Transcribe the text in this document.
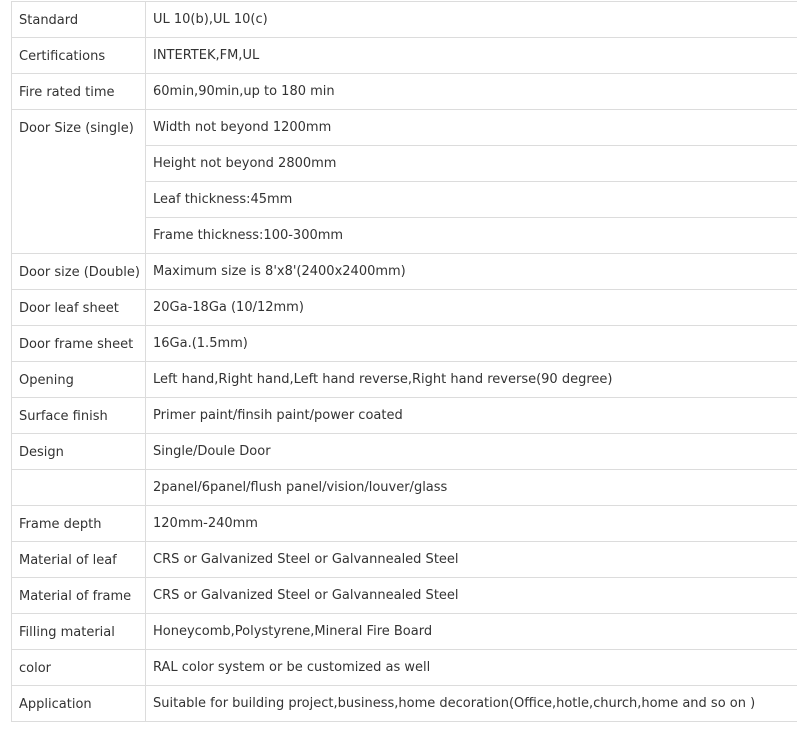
Standard	UL 10(b),UL 10(c)
Certifications	INTERTEK,FM,UL
Fire rated time	60min,90min,up to 180 min
Door Size (single)	Width not beyond 1200mm
	Height not beyond 2800mm
	Leaf thickness:45mm
	Frame thickness:100-300mm
Door size (Double)	Maximum size is 8'x8'(2400x2400mm)
Door leaf sheet	20Ga-18Ga (10/12mm)
Door frame sheet	16Ga.(1.5mm)
Opening	Left hand,Right hand,Left hand reverse,Right hand reverse(90 degree)
Surface finish	Primer paint/finsih paint/power coated
Design	Single/Doule Door
	2panel/6panel/flush panel/vision/louver/glass
Frame depth	120mm-240mm
Material of leaf	CRS or Galvanized Steel or Galvannealed Steel
Material of frame	CRS or Galvanized Steel or Galvannealed Steel
Filling material	Honeycomb,Polystyrene,Mineral Fire Board
color	RAL color system or be customized as well
Application	Suitable for building project,business,home decoration(Office,hotle,church,home and so on )
